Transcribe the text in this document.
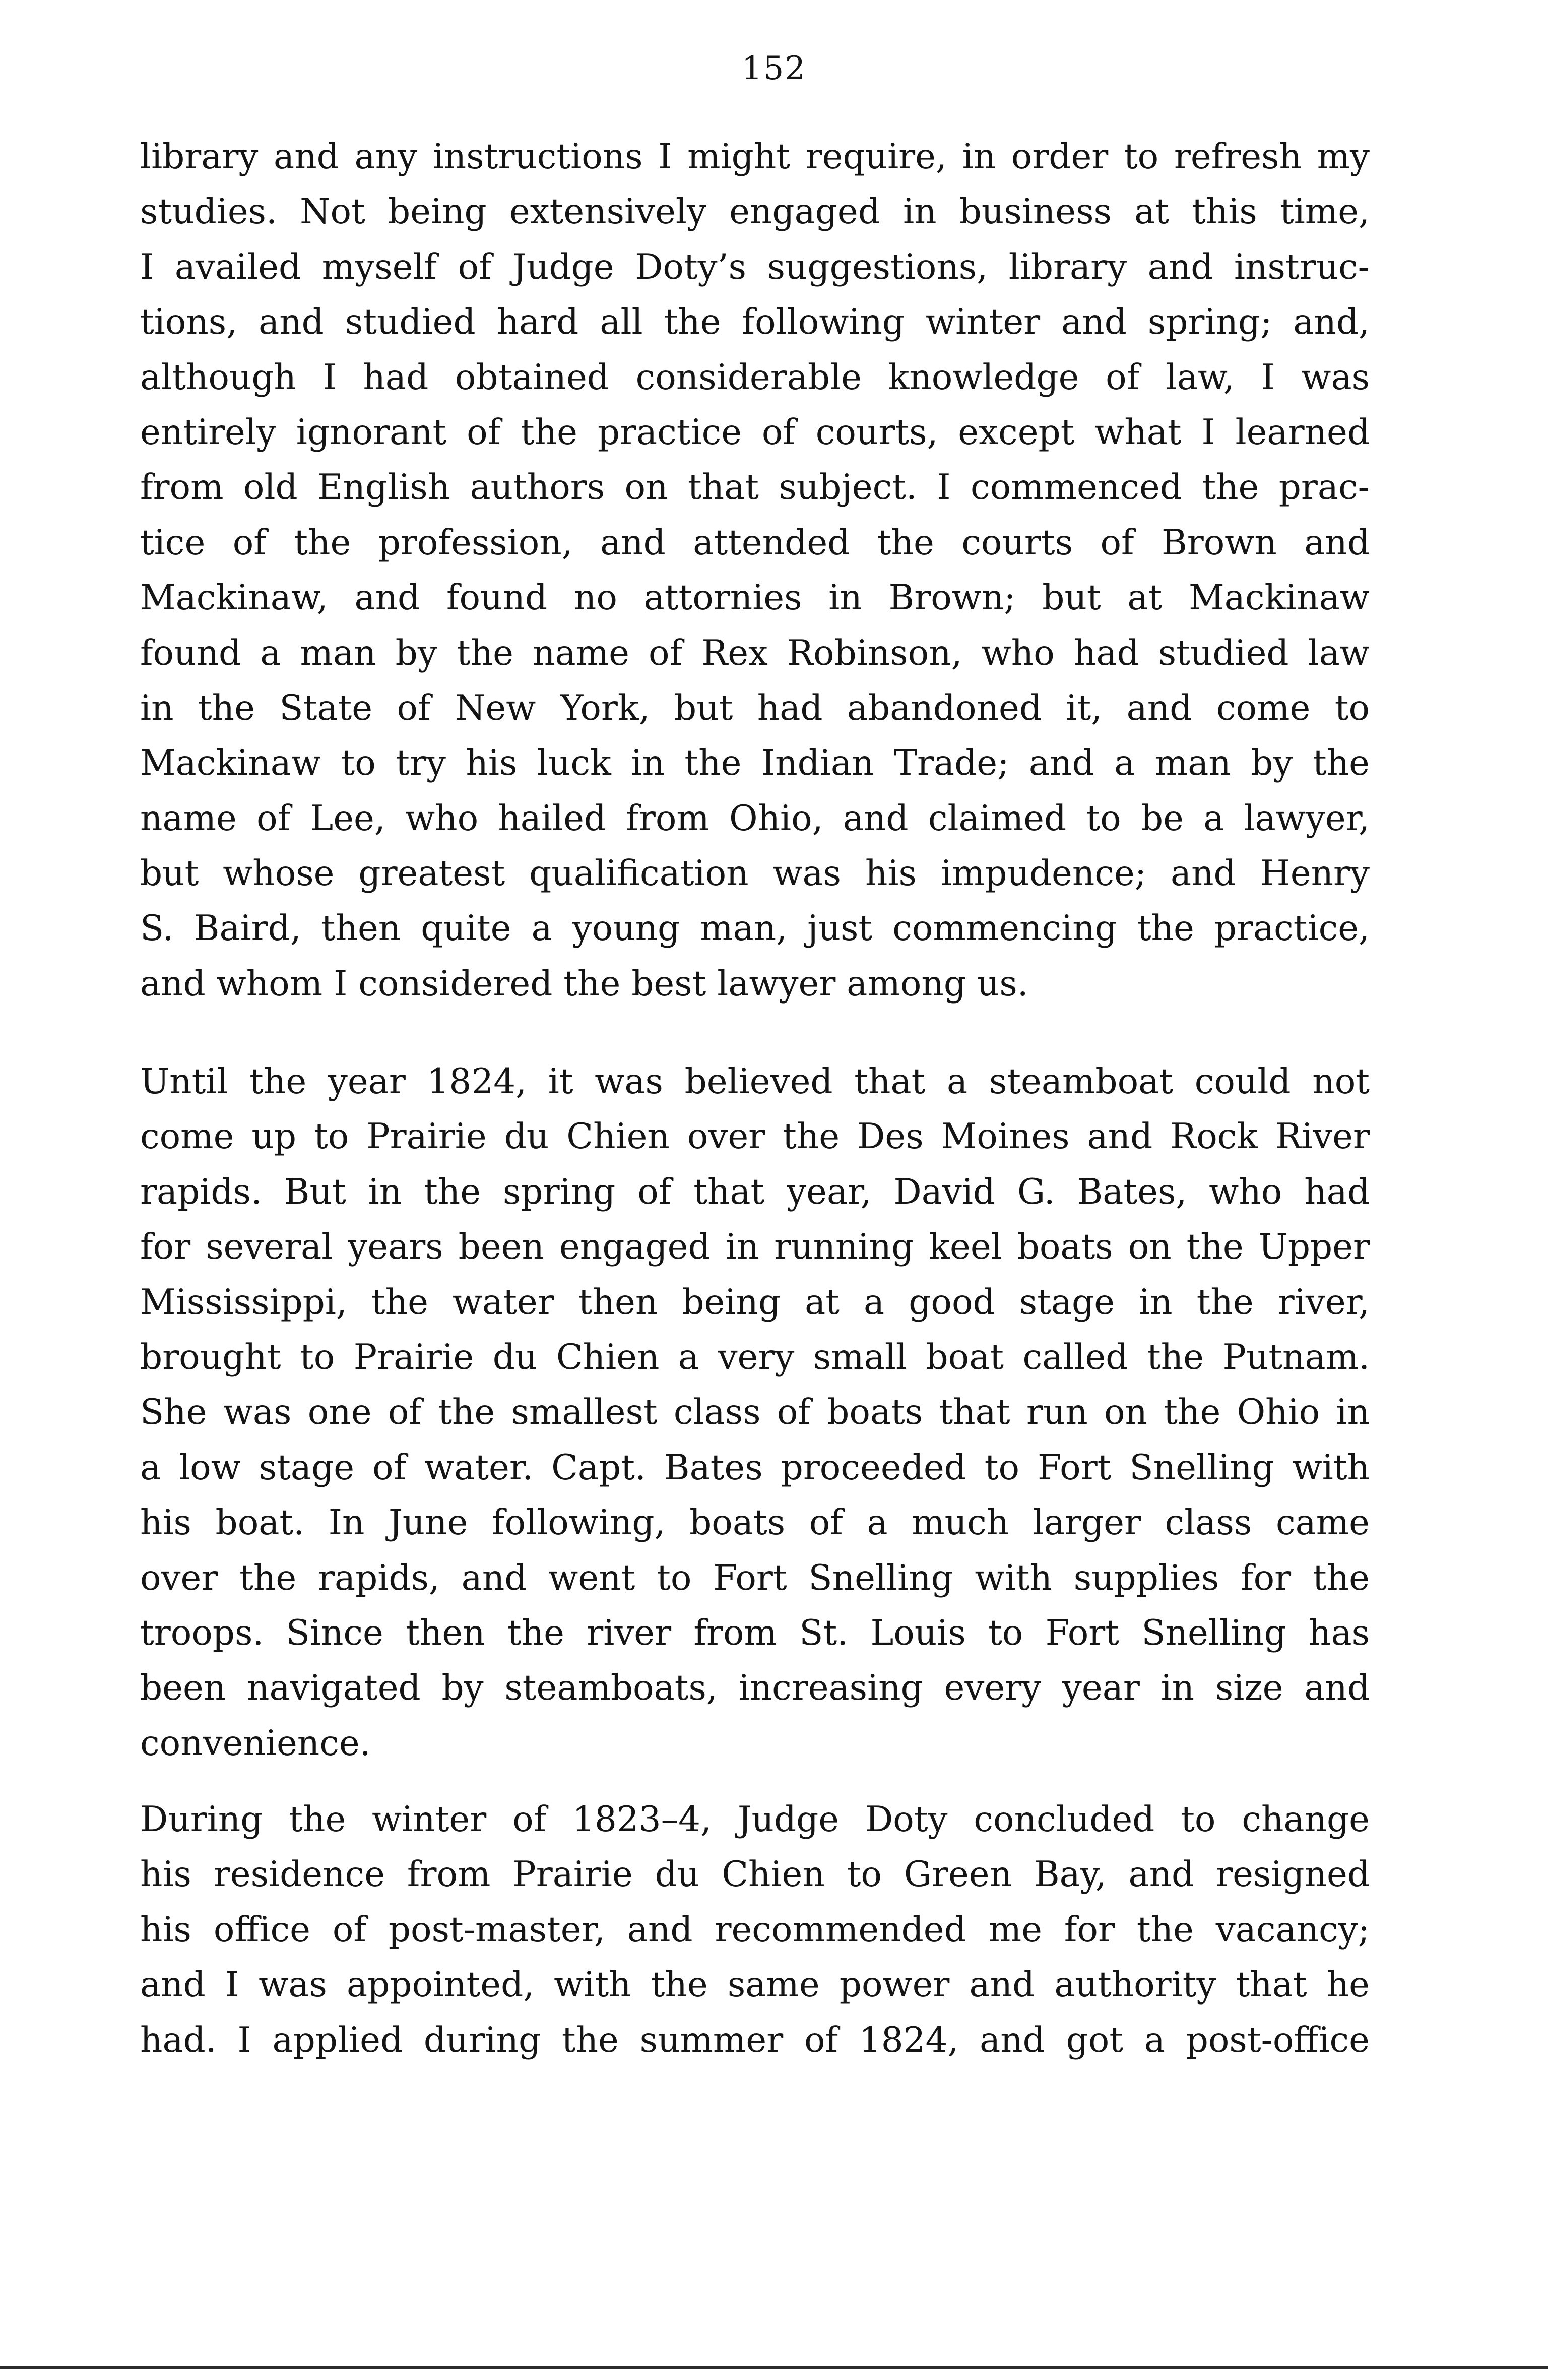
152
library and any instructions I might require, in order to refresh my
studies. Not being extensively engaged in business at this time,
I availed myself of Judge Doty’s suggestions, library and instruc-
tions, and studied hard all the following winter and spring; and,
although I had obtained considerable knowledge of law, I was
entirely ignorant of the practice of courts, except what I learned
from old English authors on that subject. I commenced the prac-
tice of the profession, and attended the courts of Brown and
Mackinaw, and found no attornies in Brown; but at Mackinaw
found a man by the name of Rex Robinson, who had studied law
in the State of New York, but had abandoned it, and come to
Mackinaw to try his luck in the Indian Trade; and a man by the
name of Lee, who hailed from Ohio, and claimed to be a lawyer,
but whose greatest qualification was his impudence; and Henry
S. Baird, then quite a young man, just commencing the practice,
and whom I considered the best lawyer among us.
Until the year 1824, it was believed that a steamboat could not
come up to Prairie du Chien over the Des Moines and Rock River
rapids. But in the spring of that year, David G. Bates, who had
for several years been engaged in running keel boats on the Upper
Mississippi, the water then being at a good stage in the river,
brought to Prairie du Chien a very small boat called the Putnam.
She was one of the smallest class of boats that run on the Ohio in
a low stage of water. Capt. Bates proceeded to Fort Snelling with
his boat. In June following, boats of a much larger class came
over the rapids, and went to Fort Snelling with supplies for the
troops. Since then the river from St. Louis to Fort Snelling has
been navigated by steamboats, increasing every year in size and
convenience.
During the winter of 1823–4, Judge Doty concluded to change
his residence from Prairie du Chien to Green Bay, and resigned
his office of post-master, and recommended me for the vacancy;
and I was appointed, with the same power and authority that he
had. I applied during the summer of 1824, and got a post-office
